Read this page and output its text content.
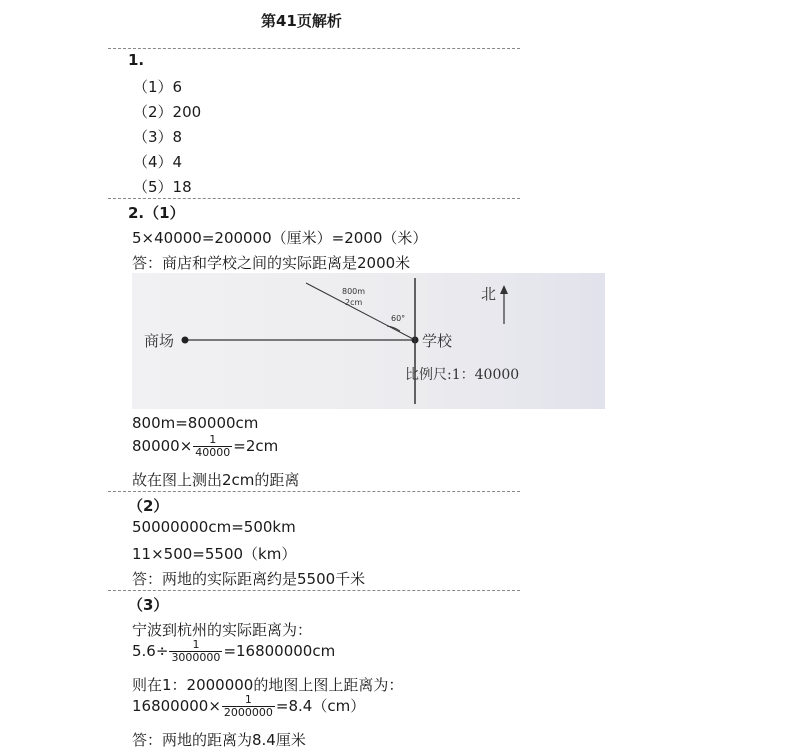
第41页解析
1.
（1）6
（2）200
（3）8
（4）4
（5）18
2.（1）
5×40000=200000（厘米）=2000（米）
答：商店和学校之间的实际距离是2000米
商场	学校
北
800m
2cm
60°
比例尺:1：40000
800m=80000cm
$80000\times \frac{1}{40000} =2cm$
故在图上测出2cm的距离
（2）
50000000cm=500km
11×500=5500（km）
答：两地的实际距离约是5500千米
（3）
宁波到杭州的实际距离为：
$5.6\div \frac{1}{3000000} =16800000cm$
则在1：2000000的地图上图上距离为：
$16800000\times \frac{1}{2000000} =8.4(cm)$
答：两地的距离为8.4厘米
